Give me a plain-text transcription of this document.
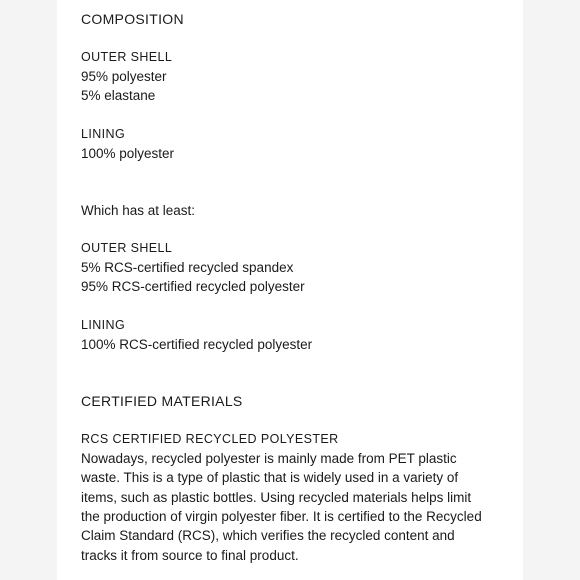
COMPOSITION
OUTER SHELL
95% polyester
5% elastane
LINING
100% polyester
Which has at least:
OUTER SHELL
5% RCS-certified recycled spandex
95% RCS-certified recycled polyester
LINING
100% RCS-certified recycled polyester
CERTIFIED MATERIALS
RCS CERTIFIED RECYCLED POLYESTER
Nowadays, recycled polyester is mainly made from PET plastic
waste. This is a type of plastic that is widely used in a variety of
items, such as plastic bottles. Using recycled materials helps limit
the production of virgin polyester fiber. It is certified to the Recycled
Claim Standard (RCS), which verifies the recycled content and
tracks it from source to final product.
